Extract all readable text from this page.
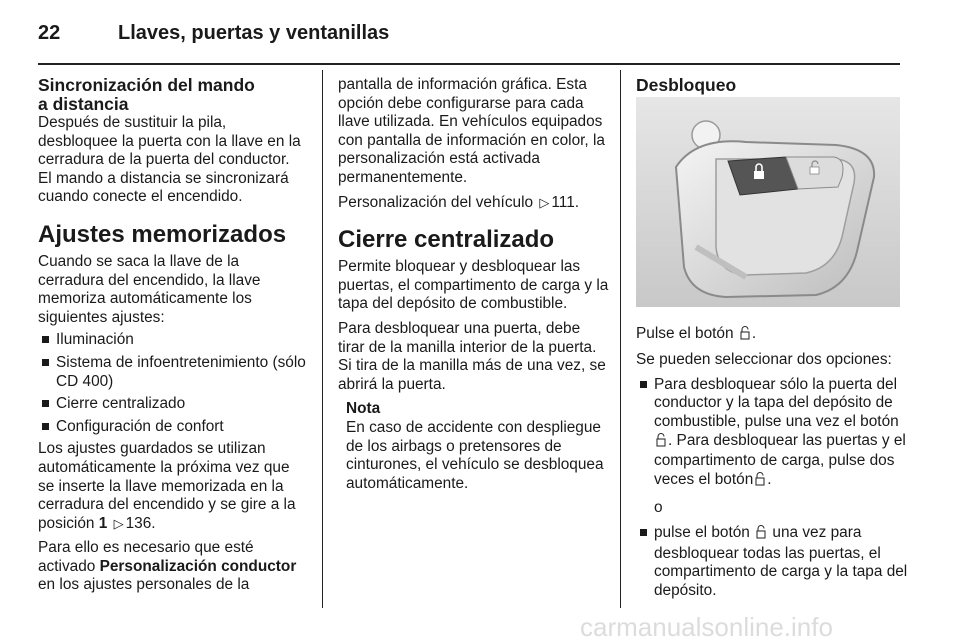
22	Llaves, puertas y ventanillas
Sincronización del mando
a distancia

Después de sustituir la pila, desbloquee la puerta con la llave en la cerradura de la puerta del conductor. El mando a distancia se sincronizará cuando conecte el encendido.

Ajustes memorizados

Cuando se saca la llave de la cerradura del encendido, la llave memoriza automáticamente los siguientes ajustes:

Iluminación
Sistema de infoentretenimiento (sólo CD 400)
Cierre centralizado
Configuración de confort

Los ajustes guardados se utilizan automáticamente la próxima vez que se inserte la llave memorizada en la cerradura del encendido y se gire a la posición 1 ▷ 136.

Para ello es necesario que esté activado Personalización conductor en los ajustes personales de la

pantalla de información gráfica. Esta opción debe configurarse para cada llave utilizada. En vehículos equipados con pantalla de información en color, la personalización está activada permanentemente.

Personalización del vehículo ▷ 111.

Cierre centralizado

Permite bloquear y desbloquear las puertas, el compartimento de carga y la tapa del depósito de combustible.

Para desbloquear una puerta, debe tirar de la manilla interior de la puerta. Si tira de la manilla más de una vez, se abrirá la puerta.

Nota

En caso de accidente con despliegue de los airbags o pretensores de cinturones, el vehículo se desbloquea automáticamente.

Desbloqueo

Pulse el botón .

Se pueden seleccionar dos opciones:

Para desbloquear sólo la puerta del conductor y la tapa del depósito de combustible, pulse una vez el botón. Para desbloquear las puertas y el compartimento de carga, pulse dos veces el botón .

o

pulse el botón una vez para desbloquear todas las puertas, el compartimento de carga y la tapa del depósito.
carmanualsonline.info
